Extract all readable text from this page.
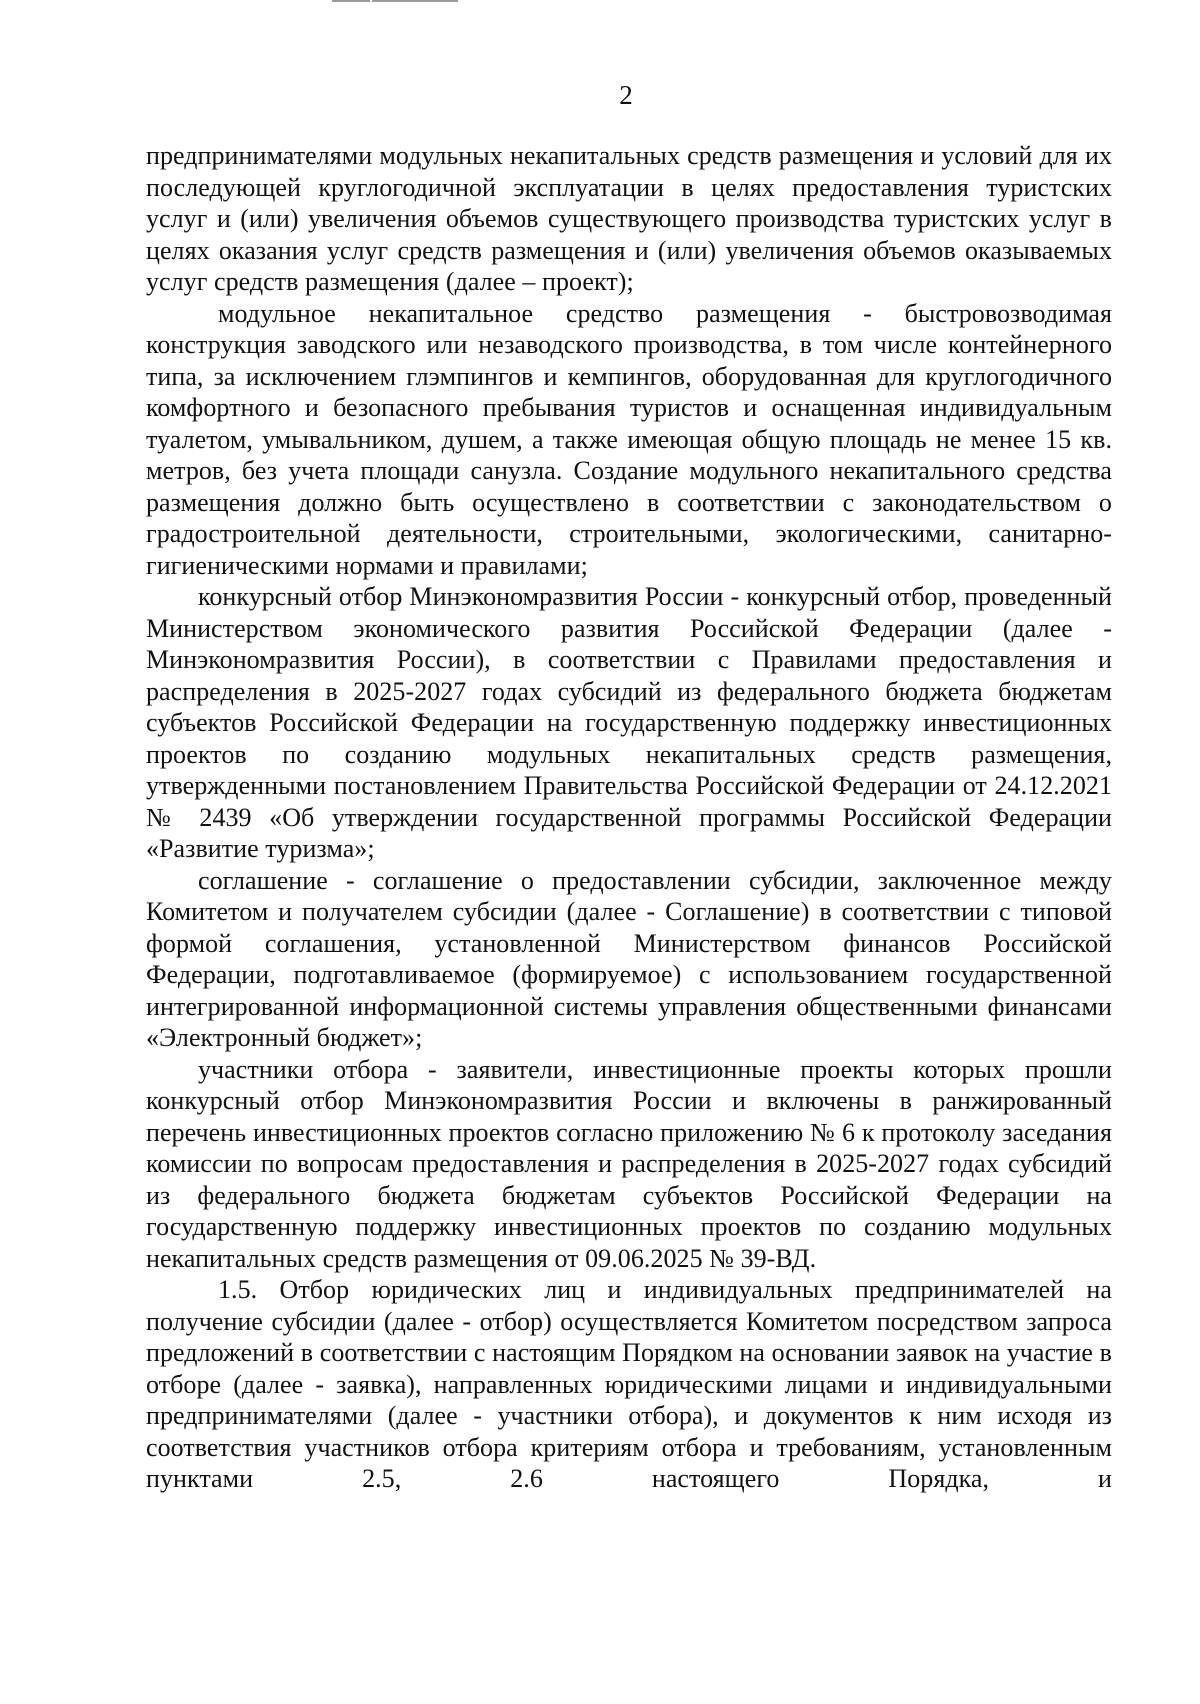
2

предпринимателями модульных некапитальных средств размещения и условий для их последующей круглогодичной эксплуатации в целях предоставления туристских услуг и (или) увеличения объемов существующего производства туристских услуг в целях оказания услуг средств размещения и (или) увеличения объемов оказываемых услуг средств размещения (далее – проект);

модульное некапитальное средство размещения - быстровозводимая конструкция заводского или незаводского производства, в том числе контейнерного типа, за исключением глэмпингов и кемпингов, оборудованная для круглогодичного комфортного и безопасного пребывания туристов и оснащенная индивидуальным туалетом, умывальником, душем, а также имеющая общую площадь не менее 15 кв. метров, без учета площади санузла. Создание модульного некапитального средства размещения должно быть осуществлено в соответствии с законодательством о градостроительной деятельности, строительными, экологическими, санитарно-гигиеническими нормами и правилами;

конкурсный отбор Минэкономразвития России - конкурсный отбор, проведенный Министерством экономического развития Российской Федерации (далее - Минэкономразвития России), в соответствии с Правилами предоставления и распределения в 2025-2027 годах субсидий из федерального бюджета бюджетам субъектов Российской Федерации на государственную поддержку инвестиционных проектов по созданию модульных некапитальных средств размещения, утвержденными постановлением Правительства Российской Федерации от 24.12.2021 № 2439 «Об утверждении государственной программы Российской Федерации «Развитие туризма»;

соглашение - соглашение о предоставлении субсидии, заключенное между Комитетом и получателем субсидии (далее - Соглашение) в соответствии с типовой формой соглашения, установленной Министерством финансов Российской Федерации, подготавливаемое (формируемое) с использованием государственной интегрированной информационной системы управления общественными финансами «Электронный бюджет»;

участники отбора - заявители, инвестиционные проекты которых прошли конкурсный отбор Минэкономразвития России и включены в ранжированный перечень инвестиционных проектов согласно приложению № 6 к протоколу заседания комиссии по вопросам предоставления и распределения в 2025-2027 годах субсидий из федерального бюджета бюджетам субъектов Российской Федерации на государственную поддержку инвестиционных проектов по созданию модульных некапитальных средств размещения от 09.06.2025 № 39-ВД.

1.5. Отбор юридических лиц и индивидуальных предпринимателей на получение субсидии (далее - отбор) осуществляется Комитетом посредством запроса предложений в соответствии с настоящим Порядком на основании заявок на участие в отборе (далее - заявка), направленных юридическими лицами и индивидуальными предпринимателями (далее - участники отбора), и документов к ним исходя из соответствия участников отбора критериям отбора и требованиям, установленным пунктами 2.5, 2.6 настоящего Порядка, и
